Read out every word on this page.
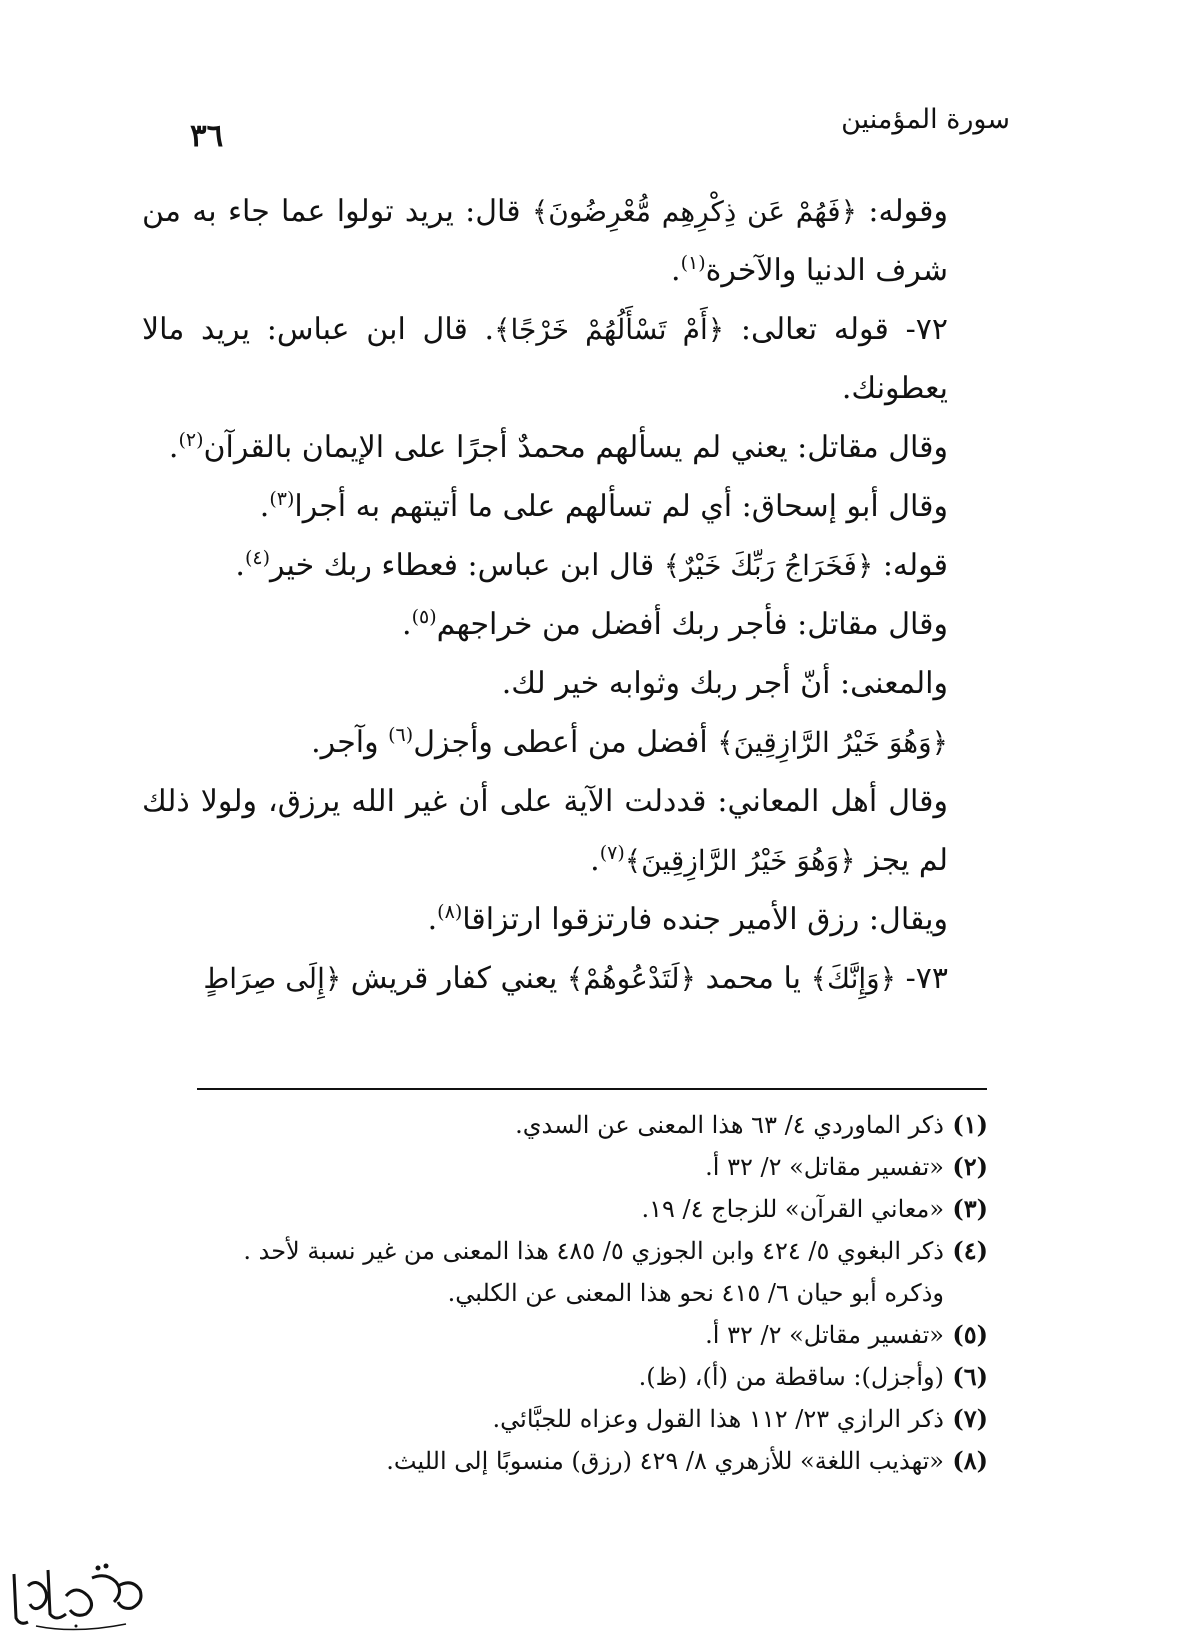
٣٦	سورة المؤمنين

وقوله: ﴿فَهُمْ عَن ذِكْرِهِم مُّعْرِضُونَ﴾ قال: يريد تولوا عما جاء به من شرف الدنيا والآخرة$^{(١)}$.

٧٢- قوله تعالى: ﴿أَمْ تَسْأَلُهُمْ خَرْجًا﴾. قال ابن عباس: يريد مالا يعطونك.

وقال مقاتل: يعني لم يسألهم محمدٌ أجرًا على الإيمان بالقرآن$^{(٢)}$.

وقال أبو إسحاق: أي لم تسألهم على ما أتيتهم به أجرا$^{(٣)}$.

قوله: ﴿فَخَرَاجُ رَبِّكَ خَيْرٌ﴾ قال ابن عباس: فعطاء ربك خير$^{(٤)}$.

وقال مقاتل: فأجر ربك أفضل من خراجهم$^{(٥)}$.

والمعنى: أنّ أجر ربك وثوابه خير لك.

﴿وَهُوَ خَيْرُ الرَّازِقِينَ﴾ أفضل من أعطى وأجزل$^{(٦)}$ وآجر.

وقال أهل المعاني: قددلت الآية على أن غير الله يرزق، ولولا ذلك لم يجز ﴿وَهُوَ خَيْرُ الرَّازِقِينَ﴾$^{(٧)}$.

ويقال: رزق الأمير جنده فارتزقوا ارتزاقا$^{(٨)}$.

٧٣- ﴿وَإِنَّكَ﴾ يا محمد ﴿لَتَدْعُوهُمْ﴾ يعني كفار قريش ﴿إِلَى صِرَاطٍ

(١)ذكر الماوردي ٤/ ٦٣ هذا المعنى عن السدي.

(٢)«تفسير مقاتل» ٢/ ٣٢ أ.

(٣)«معاني القرآن» للزجاج ٤/ ١٩.

(٤)ذكر البغوي ٥/ ٤٢٤ وابن الجوزي ٥/ ٤٨٥ هذا المعنى من غير نسبة لأحد .

وذكره أبو حيان ٦/ ٤١٥ نحو هذا المعنى عن الكلبي.

(٥)«تفسير مقاتل» ٢/ ٣٢ أ.

(٦)(وأجزل): ساقطة من (أ)، (ظ).

(٧)ذكر الرازي ٢٣/ ١١٢ هذا القول وعزاه للجبَّائي.

(٨)«تهذيب اللغة» للأزهري ٨/ ٤٢٩ (رزق) منسوبًا إلى الليث.
